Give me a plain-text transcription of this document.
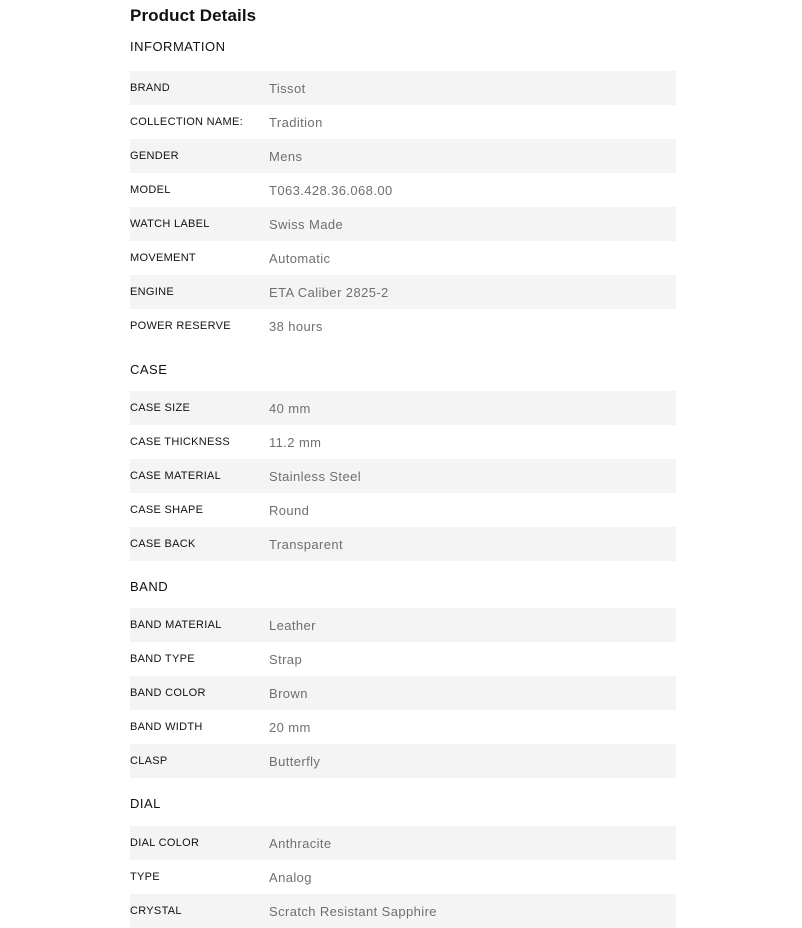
Product Details
INFORMATION
BRAND	Tissot
COLLECTION NAME:	Tradition
GENDER	Mens
MODEL	T063.428.36.068.00
WATCH LABEL	Swiss Made
MOVEMENT	Automatic
ENGINE	ETA Caliber 2825-2
POWER RESERVE	38 hours
CASE
CASE SIZE	40 mm
CASE THICKNESS	11.2 mm
CASE MATERIAL	Stainless Steel
CASE SHAPE	Round
CASE BACK	Transparent
BAND
BAND MATERIAL	Leather
BAND TYPE	Strap
BAND COLOR	Brown
BAND WIDTH	20 mm
CLASP	Butterfly
DIAL
DIAL COLOR	Anthracite
TYPE	Analog
CRYSTAL	Scratch Resistant Sapphire
